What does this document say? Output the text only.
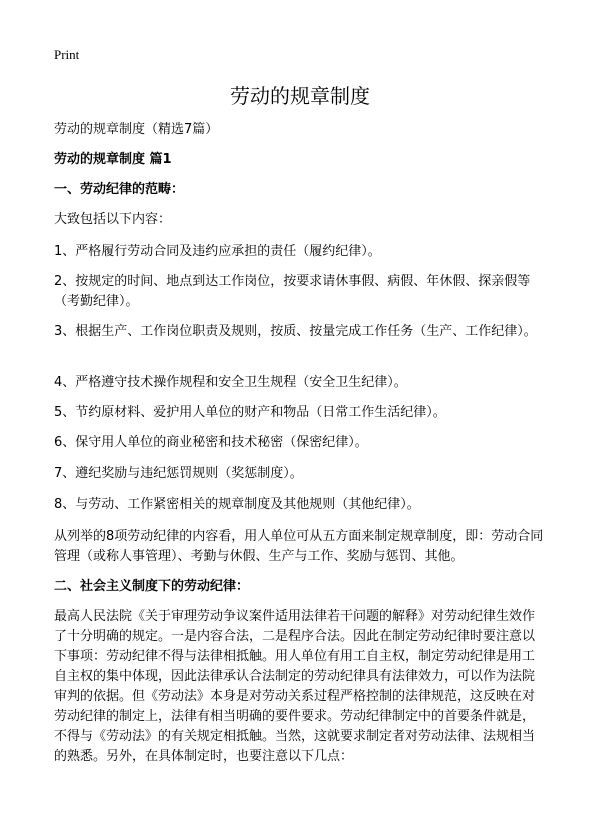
Print
劳动的规章制度

劳动的规章制度（精选7篇）

劳动的规章制度 篇1

一、劳动纪律的范畴：

大致包括以下内容：

1、严格履行劳动合同及违约应承担的责任（履约纪律）。

2、按规定的时间、地点到达工作岗位，按要求请休事假、病假、年休假、探亲假等（考勤纪律）。

3、根据生产、工作岗位职责及规则，按质、按量完成工作任务（生产、工作纪律）。

4、严格遵守技术操作规程和安全卫生规程（安全卫生纪律）。

5、节约原材料、爱护用人单位的财产和物品（日常工作生活纪律）。

6、保守用人单位的商业秘密和技术秘密（保密纪律）。

7、遵纪奖励与违纪惩罚规则（奖惩制度）。

8、与劳动、工作紧密相关的规章制度及其他规则（其他纪律）。

从列举的8项劳动纪律的内容看，用人单位可从五方面来制定规章制度，即：劳动合同管理（或称人事管理）、考勤与休假、生产与工作、奖励与惩罚、其他。

二、社会主义制度下的劳动纪律：

最高人民法院《关于审理劳动争议案件适用法律若干问题的解释》对劳动纪律生效作了十分明确的规定。一是内容合法，二是程序合法。因此在制定劳动纪律时要注意以下事项：劳动纪律不得与法律相抵触。用人单位有用工自主权，制定劳动纪律是用工自主权的集中体现，因此法律承认合法制定的劳动纪律具有法律效力，可以作为法院审判的依据。但《劳动法》本身是对劳动关系过程严格控制的法律规范，这反映在对劳动纪律的制定上，法律有相当明确的要件要求。劳动纪律制定中的首要条件就是，不得与《劳动法》的有关规定相抵触。当然，这就要求制定者对劳动法律、法规相当的熟悉。另外，在具体制定时，也要注意以下几点：
